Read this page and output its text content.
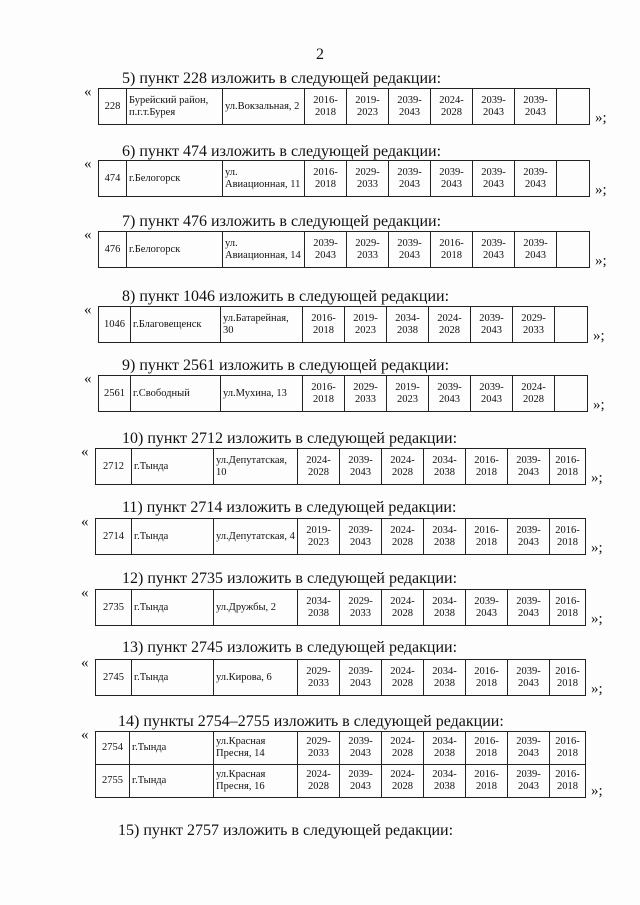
2
5) пункт 228 изложить в следующей редакции:
«
228	Бурейский район, п.г.т.Бурея	ул.Вокзальная, 2	2016-​2018	2019-​2023	2039-​2043	2024-​2028	2039-​2043	2039-​2043		»;
6) пункт 474 изложить в следующей редакции:
«
474	г.Белогорск	ул. Авиационная, 11	2016-​2018	2029-​2033	2039-​2043	2039-​2043	2039-​2043	2039-​2043		»;
7) пункт 476 изложить в следующей редакции:
«
476	г.Белогорск	ул. Авиационная, 14	2039-​2043	2029-​2033	2039-​2043	2016-​2018	2039-​2043	2039-​2043		»;
8) пункт 1046 изложить в следующей редакции:
«
1046	г.Благовещенск	ул.Батарейная, 30	2016-​2018	2019-​2023	2034-​2038	2024-​2028	2039-​2043	2029-​2033		»;
9) пункт 2561 изложить в следующей редакции:
«
2561	г.Свободный	ул.Мухина, 13	2016-​2018	2029-​2033	2019-​2023	2039-​2043	2039-​2043	2024-​2028		»;
10) пункт 2712 изложить в следующей редакции:
«
2712	г.Тында	ул.Депутатская, 10	2024-​2028	2039-​2043	2024-​2028	2034-​2038	2016-​2018	2039-​2043	2016-​2018 »;
11) пункт 2714 изложить в следующей редакции:
«
2714	г.Тында	ул.Депутатская, 4	2019-​2023	2039-​2043	2024-​2028	2034-​2038	2016-​2018	2039-​2043	2016-​2018 »;
12) пункт 2735 изложить в следующей редакции:
«
2735	г.Тында	ул.Дружбы, 2	2034-​2038	2029-​2033	2024-​2028	2034-​2038	2039-​2043	2039-​2043	2016-​2018 »;
13) пункт 2745 изложить в следующей редакции:
«
2745	г.Тында	ул.Кирова, 6	2029-​2033	2039-​2043	2024-​2028	2034-​2038	2016-​2018	2039-​2043	2016-​2018 »;
14) пункты 2754–2755 изложить в следующей редакции:
«
2754	г.Тында	ул.Красная Пресня, 14	2029-​2033	2039-​2043	2024-​2028	2034-​2038	2016-​2018	2039-​2043	2016-​2018
2755	г.Тында	ул.Красная Пресня, 16	2024-​2028	2039-​2043	2024-​2028	2034-​2038	2016-​2018	2039-​2043	2016-​2018 »;
15) пункт 2757 изложить в следующей редакции:
